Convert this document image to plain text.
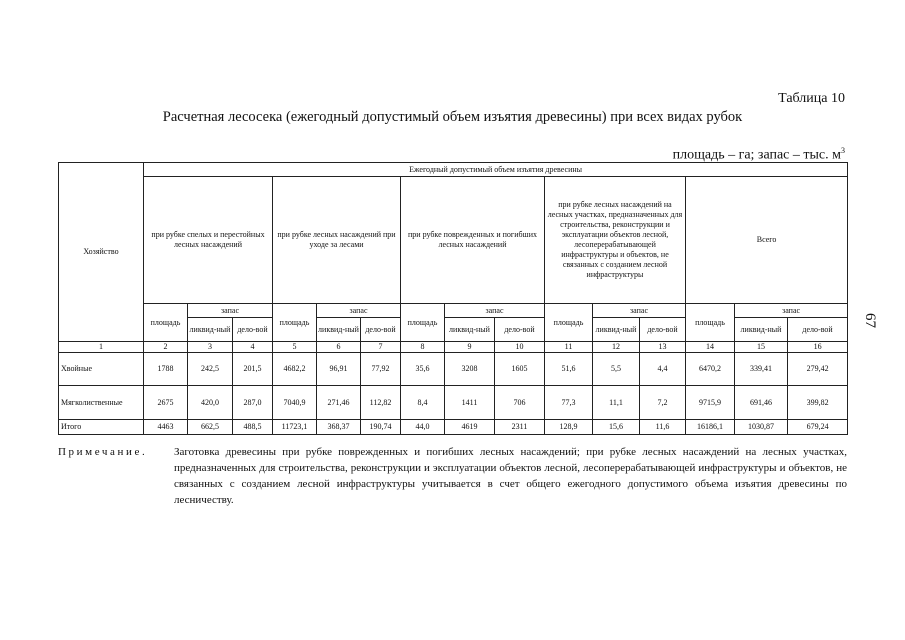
Таблица 10
Расчетная лесосека (ежегодный допустимый объем изъятия древесины) при всех видах рубок
площадь – га; запас – тыс. $м^3$
67
Хозяйство	Ежегодный допустимый объем изъятия древесины														
	при рубке спелых и перестойных лесных насаждений			при рубке лесных насаждений при уходе за лесами			при рубке поврежденных и погибших лесных насаждений			при рубке лесных насаждений на лесных участках, предназначенных для строительства, реконструкции и эксплуатации объектов лесной, лесоперерабатывающей инфраструктуры и объектов, не связанных с созданием лесной инфраструктуры			Всего		
	площадь	запас		площадь	запас		площадь	запас		площадь	запас		площадь	запас	
		ликвид-ный	дело-вой		ликвид-ный	дело-вой		ликвид-ный	дело-вой		ликвид-ный	дело-вой		ликвид-ный	дело-вой
1	2	3	4	5	6	7	8	9	10	11	12	13	14	15	16
Хвойные	1788	242,5	201,5	4682,2	96,91	77,92	35,6	3208	1605	51,6	5,5	4,4	6470,2	339,41	279,42
Мягколиственные	2675	420,0	287,0	7040,9	271,46	112,82	8,4	1411	706	77,3	11,1	7,2	9715,9	691,46	399,82
Итого	4463	662,5	488,5	11723,1	368,37	190,74	44,0	4619	2311	128,9	15,6	11,6	16186,1	1030,87	679,24
Примечание. Заготовка древесины при рубке поврежденных и погибших лесных насаждений; при рубке лесных насаждений на лесных участках, предназначенных для строительства, реконструкции и эксплуатации объектов лесной, лесоперерабатывающей инфраструктуры и объектов, не связанных с созданием лесной инфраструктуры учитывается в счет общего ежегодного допустимого объема изъятия древесины по лесничеству.
